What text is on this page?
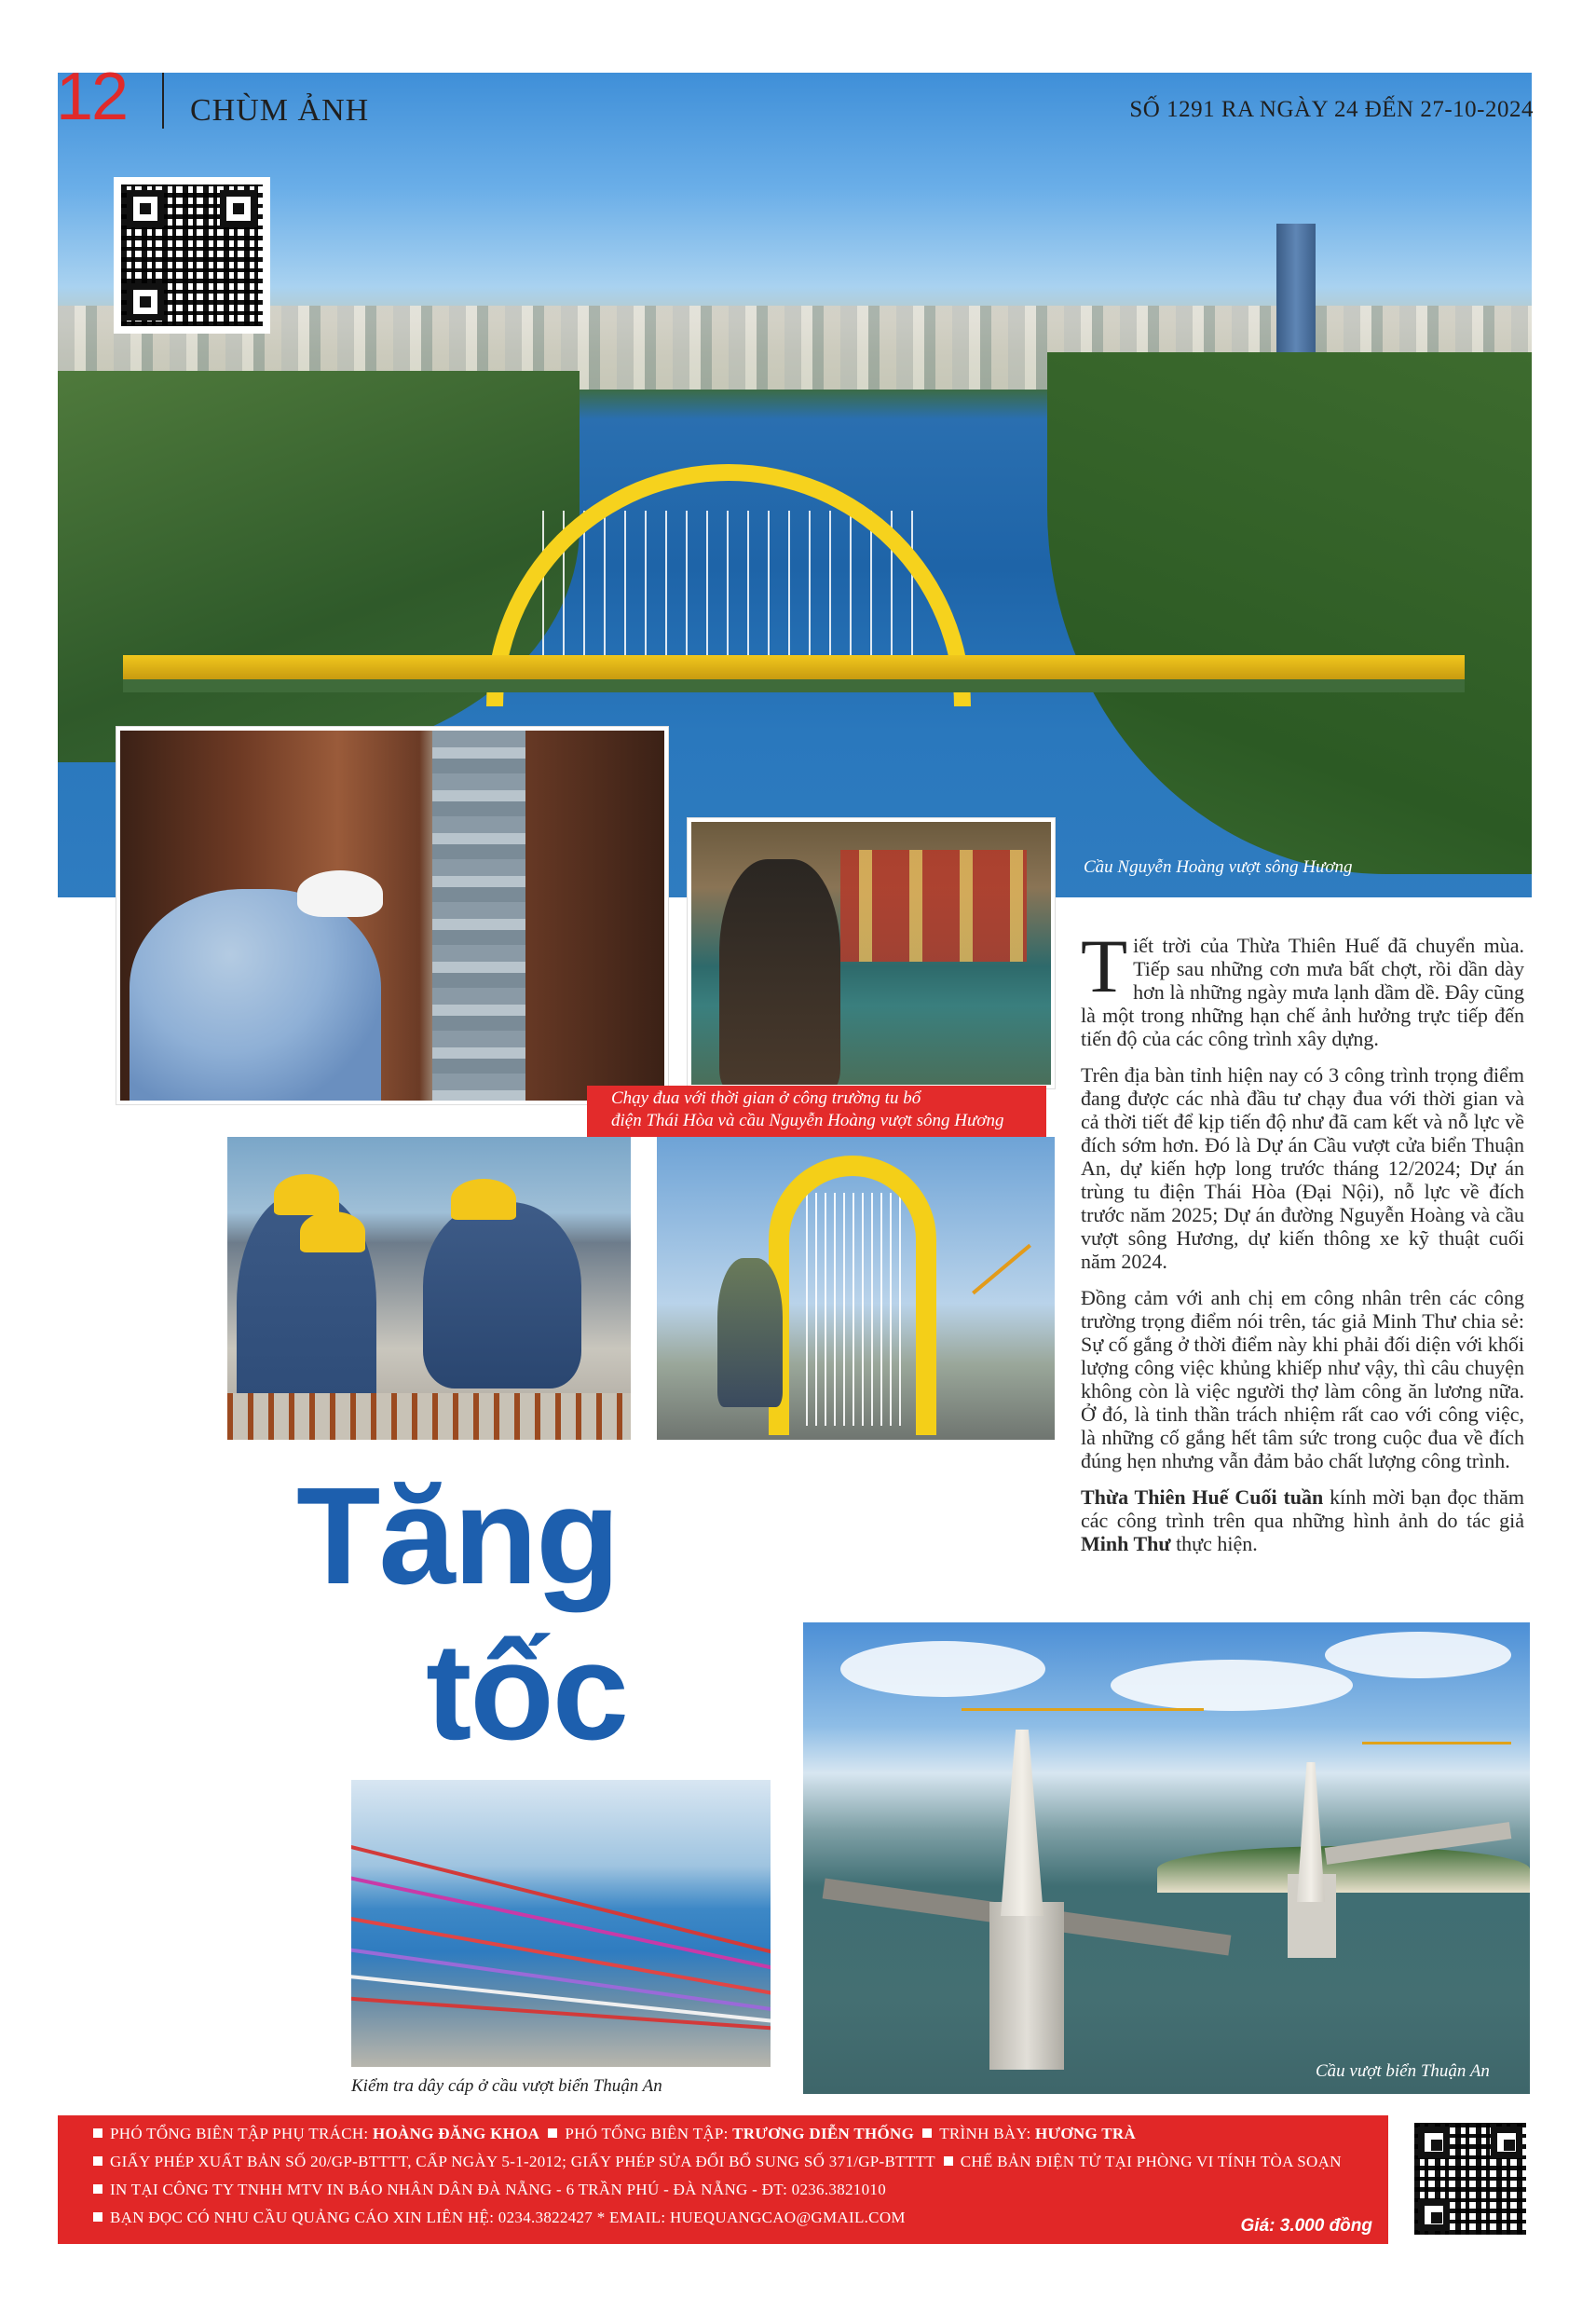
12 CHÙM ẢNH	SỐ 1291 RA NGÀY 24 ĐẾN 27-10-2024
Cầu Nguyễn Hoàng vượt sông Hương
Chạy đua với thời gian ở công trường tu bổ
điện Thái Hòa và cầu Nguyễn Hoàng vượt sông Hương

Tiết trời của Thừa Thiên Huế đã chuyển mùa. Tiếp sau những cơn mưa bất chợt, rồi dần dày hơn là những ngày mưa lạnh dầm dề. Đây cũng là một trong những hạn chế ảnh hưởng trực tiếp đến tiến độ của các công trình xây dựng.

Trên địa bàn tỉnh hiện nay có 3 công trình trọng điểm đang được các nhà đầu tư chạy đua với thời gian và cả thời tiết để kịp tiến độ như đã cam kết và nỗ lực về đích sớm hơn. Đó là Dự án Cầu vượt cửa biển Thuận An, dự kiến hợp long trước tháng 12/2024; Dự án trùng tu điện Thái Hòa (Đại Nội), nỗ lực về đích trước năm 2025; Dự án đường Nguyễn Hoàng và cầu vượt sông Hương, dự kiến thông xe kỹ thuật cuối năm 2024.

Đồng cảm với anh chị em công nhân trên các công trường trọng điểm nói trên, tác giả Minh Thư chia sẻ: Sự cố gắng ở thời điểm này khi phải đối diện với khối lượng công việc khủng khiếp như vậy, thì câu chuyện không còn là việc người thợ làm công ăn lương nữa. Ở đó, là tinh thần trách nhiệm rất cao với công việc, là những cố gắng hết tâm sức trong cuộc đua về đích đúng hẹn nhưng vẫn đảm bảo chất lượng công trình.

Thừa Thiên Huế Cuối tuần kính mời bạn đọc thăm các công trình trên qua những hình ảnh do tác giả Minh Thư thực hiện.

Tăng
tốc
Kiểm tra dây cáp ở cầu vượt biển Thuận An
Cầu vượt biển Thuận An
PHÓ TỔNG BIÊN TẬP PHỤ TRÁCH: HOÀNG ĐĂNG KHOA PHÓ TỔNG BIÊN TẬP: TRƯƠNG DIỄN THỐNG TRÌNH BÀY: HƯƠNG TRÀ
GIẤY PHÉP XUẤT BẢN SỐ 20/GP-BTTTT, CẤP NGÀY 5-1-2012; GIẤY PHÉP SỬA ĐỔI BỔ SUNG SỐ 371/GP-BTTTT CHẾ BẢN ĐIỆN TỬ TẠI PHÒNG VI TÍNH TÒA SOẠN
IN TẠI CÔNG TY TNHH MTV IN BÁO NHÂN DÂN ĐÀ NẴNG - 6 TRẦN PHÚ - ĐÀ NẴNG - ĐT: 0236.3821010
BẠN ĐỌC CÓ NHU CẦU QUẢNG CÁO XIN LIÊN HỆ: 0234.3822427 * EMAIL: HUEQUANGCAO@GMAIL.COM	Giá: 3.000 đồng
